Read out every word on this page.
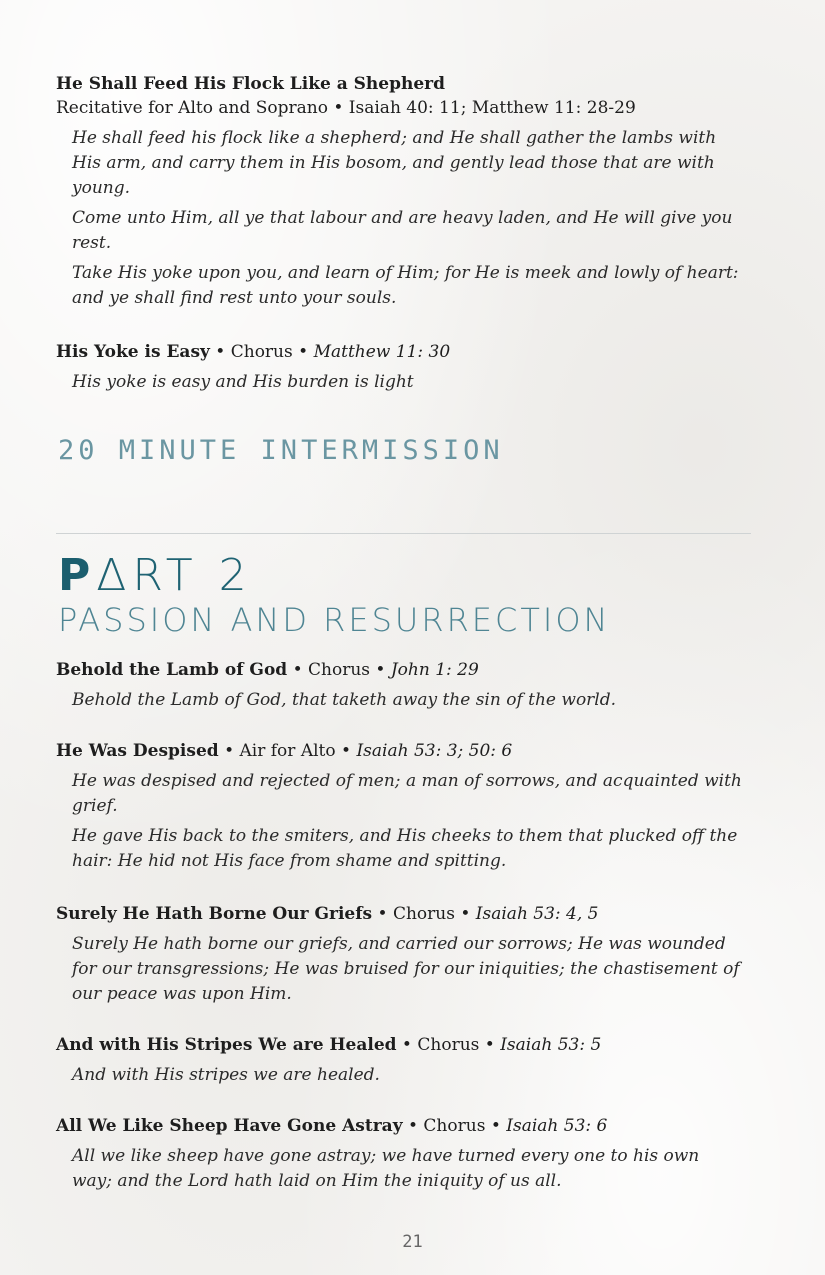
He Shall Feed His Flock Like a Shepherd
Recitative for Alto and Soprano • Isaiah 40: 11; Matthew 11: 28-29

He shall feed his flock like a shepherd; and He shall gather the lambs with His arm, and carry them in His bosom, and gently lead those that are with young.

Come unto Him, all ye that labour and are heavy laden, and He will give you rest.

Take His yoke upon you, and learn of Him; for He is meek and lowly of heart: and ye shall find rest unto your souls.

His Yoke is Easy • Chorus • Matthew 11: 30

His yoke is easy and His burden is light

20 MINUTE INTERMISSION
PΔRT 2
PASSION AND RESURRECTION
Behold the Lamb of God • Chorus • John 1: 29

Behold the Lamb of God, that taketh away the sin of the world.

He Was Despised • Air for Alto • Isaiah 53: 3; 50: 6

He was despised and rejected of men; a man of sorrows, and acquainted with grief.

He gave His back to the smiters, and His cheeks to them that plucked off the hair: He hid not His face from shame and spitting.

Surely He Hath Borne Our Griefs • Chorus • Isaiah 53: 4, 5

Surely He hath borne our griefs, and carried our sorrows; He was wounded for our transgressions; He was bruised for our iniquities; the chastisement of our peace was upon Him.

And with His Stripes We are Healed • Chorus • Isaiah 53: 5

And with His stripes we are healed.

All We Like Sheep Have Gone Astray • Chorus • Isaiah 53: 6

All we like sheep have gone astray; we have turned every one to his own way; and the Lord hath laid on Him the iniquity of us all.

21
